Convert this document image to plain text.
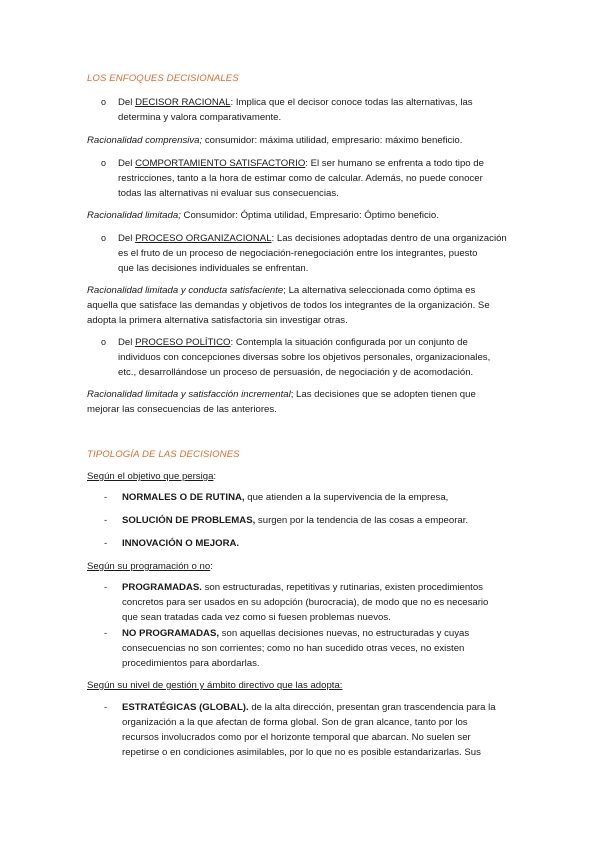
LOS ENFOQUES DECISIONALES
o Del DECISOR RACIONAL: Implica que el decisor conoce todas las alternativas, las
determina y valora comparativamente.
Racionalidad comprensiva; consumidor: máxima utilidad, empresario: máximo beneficio.
o Del COMPORTAMIENTO SATISFACTORIO: El ser humano se enfrenta a todo tipo de
restricciones, tanto a la hora de estimar como de calcular. Además, no puede conocer
todas las alternativas ni evaluar sus consecuencias.
Racionalidad limitada; Consumidor: Óptima utilidad, Empresario: Óptimo beneficio.
o Del PROCESO ORGANIZACIONAL: Las decisiones adoptadas dentro de una organización
es el fruto de un proceso de negociación-renegociación entre los integrantes, puesto
que las decisiones individuales se enfrentan.
Racionalidad limitada y conducta satisfaciente; La alternativa seleccionada como óptima es
aquella que satisface las demandas y objetivos de todos los integrantes de la organización. Se
adopta la primera alternativa satisfactoria sin investigar otras.
o Del PROCESO POLÍTICO: Contempla la situación configurada por un conjunto de
individuos con concepciones diversas sobre los objetivos personales, organizacionales,
etc., desarrollándose un proceso de persuasión, de negociación y de acomodación.
Racionalidad limitada y satisfacción incremental; Las decisiones que se adopten tienen que
mejorar las consecuencias de las anteriores.
TIPOLOGÍA DE LAS DECISIONES
Según el objetivo que persiga:
- NORMALES O DE RUTINA, que atienden a la supervivencia de la empresa,
- SOLUCIÓN DE PROBLEMAS, surgen por la tendencia de las cosas a empeorar.
- INNOVACIÓN O MEJORA.
Según su programación o no:
- PROGRAMADAS. son estructuradas, repetitivas y rutinarias, existen procedimientos
concretos para ser usados en su adopción (burocracia), de modo que no es necesario
que sean tratadas cada vez como si fuesen problemas nuevos.
- NO PROGRAMADAS, son aquellas decisiones nuevas, no estructuradas y cuyas
consecuencias no son corrientes; como no han sucedido otras veces, no existen
procedimientos para abordarlas.
Según su nivel de gestión y ámbito directivo que las adopta:
- ESTRATÉGICAS (GLOBAL). de la alta dirección, presentan gran trascendencia para la
organización a la que afectan de forma global. Son de gran alcance, tanto por los
recursos involucrados como por el horizonte temporal que abarcan. No suelen ser
repetirse o en condiciones asimilables, por lo que no es posible estandarizarlas. Sus
